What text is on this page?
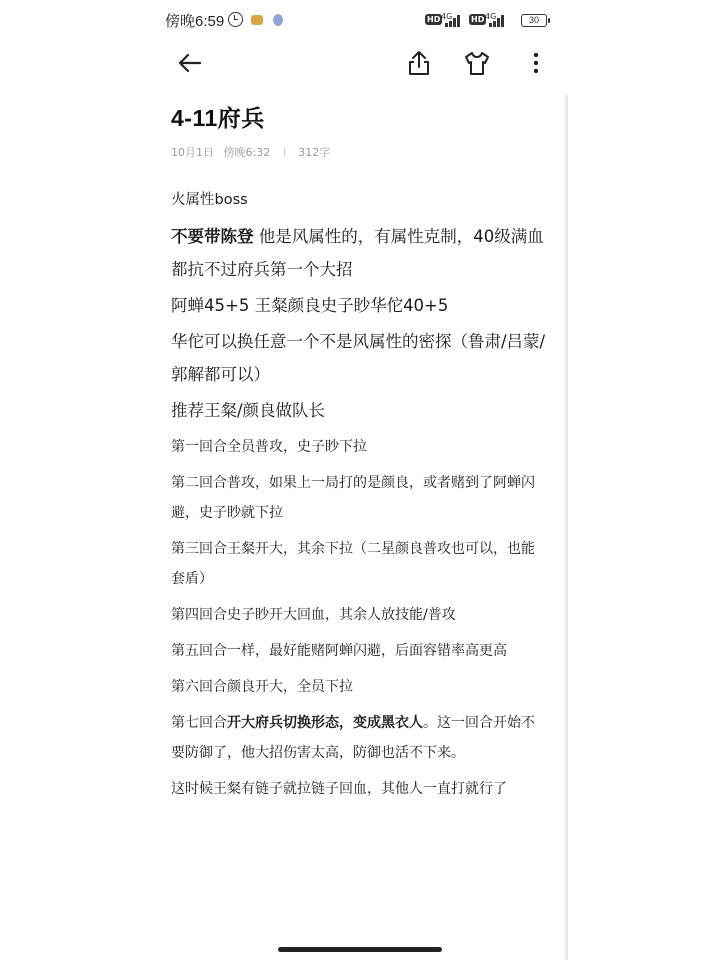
傍晚6:59	HD 4G HD 4G	30
4-11府兵
10月1日 傍晚6:32	312字

火属性boss

不要带陈登 他是风属性的，有属性克制，40级满血都抗不过府兵第一个大招

阿蝉45+5 王粲颜良史子眇华佗40+5

华佗可以换任意一个不是风属性的密探（鲁肃/吕蒙/郭解都可以）

推荐王粲/颜良做队长

第一回合全员普攻，史子眇下拉

第二回合普攻，如果上一局打的是颜良，或者赌到了阿蝉闪避，史子眇就下拉

第三回合王粲开大，其余下拉（二星颜良普攻也可以，也能套盾）

第四回合史子眇开大回血，其余人放技能/普攻

第五回合一样，最好能赌阿蝉闪避，后面容错率高更高

第六回合颜良开大，全员下拉

第七回合开大府兵切换形态，变成黑衣人。这一回合开始不要防御了，他大招伤害太高，防御也活不下来。

这时候王粲有链子就拉链子回血，其他人一直打就行了
